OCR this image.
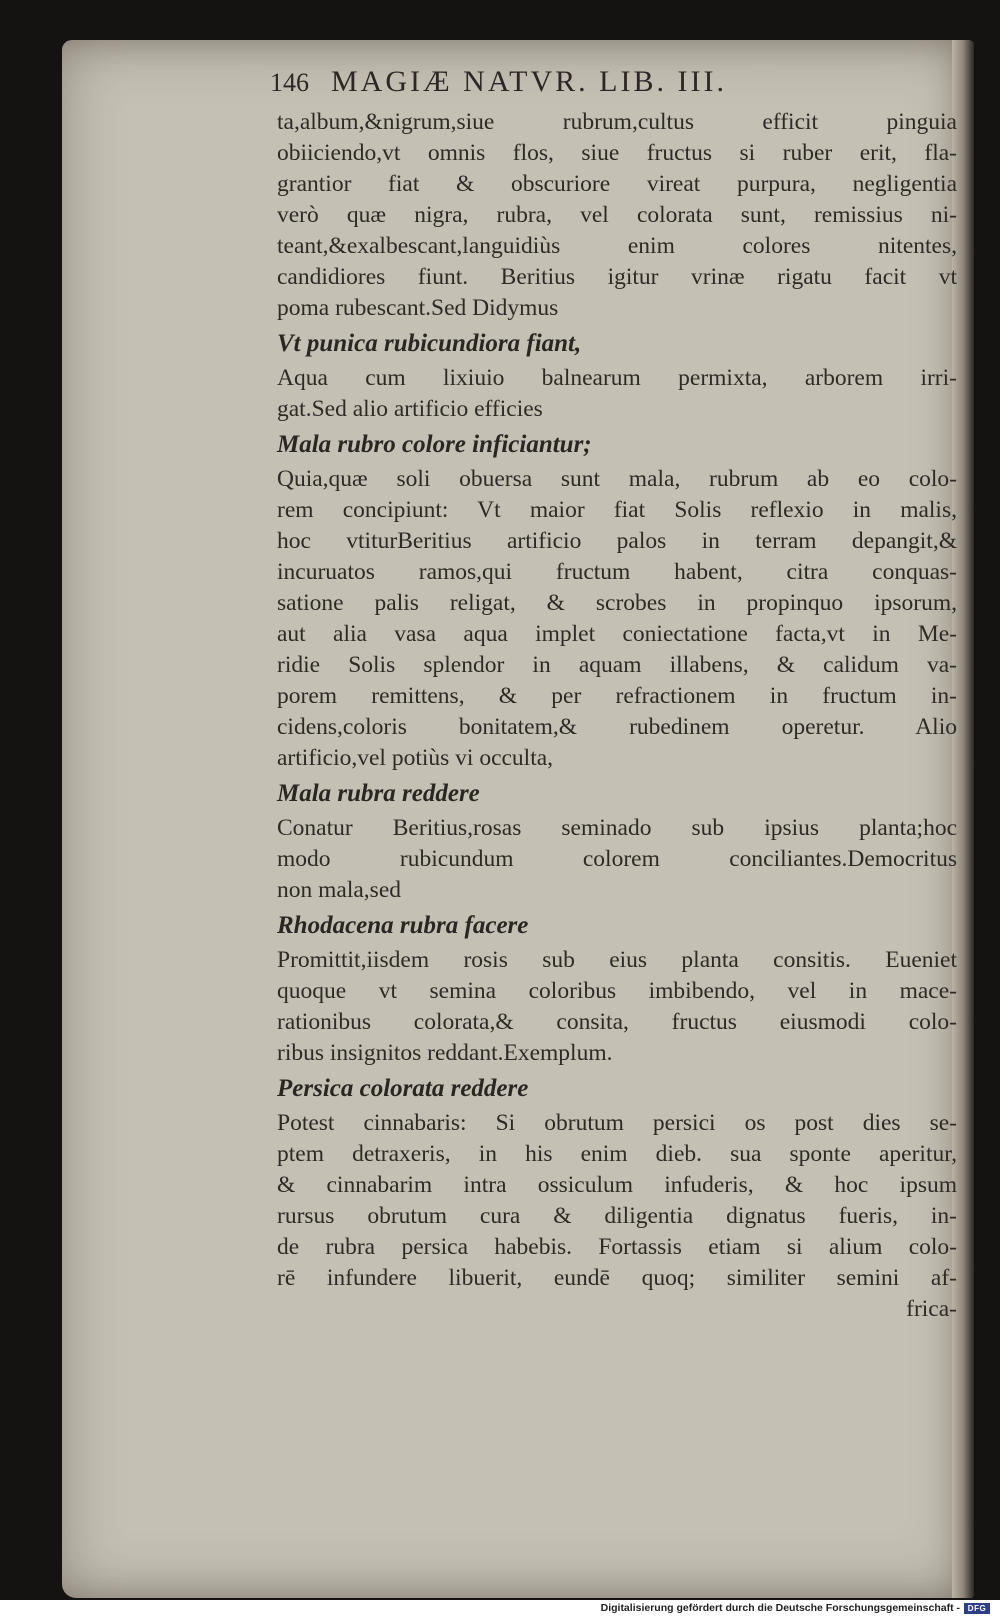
146 MAGIÆ NATVR. LIB. III.
ta,album,&nigrum,siue rubrum,cultus efficit pinguia
obiiciendo,vt omnis flos, siue fructus si ruber erit, fla-
grantior fiat & obscuriore vireat purpura, negligentia
verò quæ nigra, rubra, vel colorata sunt, remissius ni-
teant,&exalbescant,languidiùs enim colores nitentes,
candidiores fiunt. Beritius igitur vrinæ rigatu facit vt
poma rubescant.Sed Didymus
Vt punica rubicundiora fiant,
Aqua cum lixiuio balnearum permixta, arborem irri-
gat.Sed alio artificio efficies
Mala rubro colore inficiantur;
Quia,quæ soli obuersa sunt mala, rubrum ab eo colo-
rem concipiunt: Vt maior fiat Solis reflexio in malis,
hoc vtiturBeritius artificio palos in terram depangit,&
incuruatos ramos,qui fructum habent, citra conquas-
satione palis religat, & scrobes in propinquo ipsorum,
aut alia vasa aqua implet coniectatione facta,vt in Me-
ridie Solis splendor in aquam illabens, & calidum va-
porem remittens, & per refractionem in fructum in-
cidens,coloris bonitatem,& rubedinem operetur. Alio
artificio,vel potiùs vi occulta,
Mala rubra reddere
Conatur Beritius,rosas seminado sub ipsius planta;hoc
modo rubicundum colorem conciliantes.Democritus
non mala,sed
Rhodacena rubra facere
Promittit,iisdem rosis sub eius planta consitis. Eueniet
quoque vt semina coloribus imbibendo, vel in mace-
rationibus colorata,& consita, fructus eiusmodi colo-
ribus insignitos reddant.Exemplum.
Persica colorata reddere
Potest cinnabaris: Si obrutum persici os post dies se-
ptem detraxeris, in his enim dieb. sua sponte aperitur,
& cinnabarim intra ossiculum infuderis, & hoc ipsum
rursus obrutum cura & diligentia dignatus fueris, in-
de rubra persica habebis. Fortassis etiam si alium colo-
rē infundere libuerit, eundē quoq; similiter semini af-
frica-
Digitalisierung gefördert durch die Deutsche Forschungsgemeinschaft - DFG
